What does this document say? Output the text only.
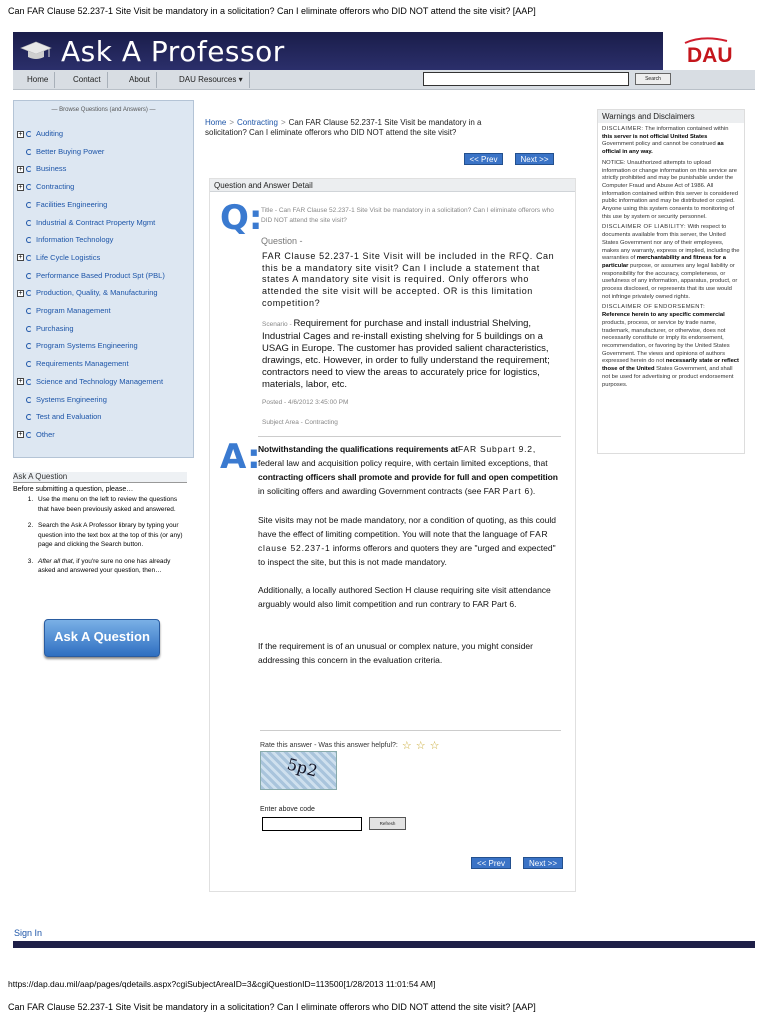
Can FAR Clause 52.237-1 Site Visit be mandatory in a solicitation? Can I eliminate offerors who DID NOT attend the site visit? [AAP]
Ask A Professor	DAU
Home	Contact	About	DAU Resources ▾	Search
— Browse Questions (and Answers) —
+ Auditing
Better Buying Power
+ Business
+ Contracting
Facilities Engineering
Industrial & Contract Property Mgmt
Information Technology
+ Life Cycle Logistics
Performance Based Product Spt (PBL)
+ Production, Quality, & Manufacturing
Program Management
Purchasing
Program Systems Engineering
Requirements Management
+ Science and Technology Management
Systems Engineering
Test and Evaluation
+ Other
Ask A Question
Before submitting a question, please…
1. Use the menu on the left to review the questions that have been previously asked and answered.
2. Search the Ask A Professor library by typing your question into the text box at the top of this (or any) page and clicking the Search button.
3. After all that, if you're sure no one has already asked and answered your question, then…
Ask A Question
Home > Contracting > Can FAR Clause 52.237-1 Site Visit be mandatory in a solicitation? Can I eliminate offerors who DID NOT attend the site visit?
<< Prev	Next >>
Question and Answer Detail
Q:
Title - Can FAR Clause 52.237-1 Site Visit be mandatory in a solicitation? Can I eliminate offerors who DID NOT attend the site visit?
Question -
FAR Clause 52.237-1 Site Visit will be included in the RFQ. Can this be a mandatory site visit? Can I include a statement that states A mandatory site visit is required. Only offerors who attended the site visit will be accepted. OR is this limitation competition?
Scenario - Requirement for purchase and install industrial Shelving, Industrial Cages and re-install existing shelving for 5 buildings on a USAG in Europe. The customer has provided salient characteristics, drawings, etc. However, in order to fully understand the requirement; contractors need to view the areas to accurately price for logistics, materials, labor, etc.
Posted - 4/6/2012 3:45:00 PM
Subject Area - Contracting
A:
Notwithstanding the qualifications requirements atFAR Subpart 9.2, federal law and acquisition policy require, with certain limited exceptions, that contracting officers shall promote and provide for full and open competition in soliciting offers and awarding Government contracts (see FAR Part 6).
Site visits may not be made mandatory, nor a condition of quoting, as this could have the effect of limiting competition. You will note that the language of FAR clause 52.237-1 informs offerors and quoters they are "urged and expected" to inspect the site, but this is not made mandatory.
Additionally, a locally authored Section H clause requiring site visit attendance arguably would also limit competition and run contrary to FAR Part 6.
If the requirement is of an unusual or complex nature, you might consider addressing this concern in the evaluation criteria.
Rate this answer - Was this answer helpful?: ☆ ☆ ☆
5p2
Enter above code
Refresh
<< Prev	Next >>
Warnings and Disclaimers
DISCLAIMER: The information contained within this server is not official United States Government policy and cannot be construed as official in any way.
NOTICE: Unauthorized attempts to upload information or change information on this service are strictly prohibited and may be punishable under the Computer Fraud and Abuse Act of 1986. All information contained within this server is considered public information and may be distributed or copied. Anyone using this system consents to monitoring of this use by system or security personnel.
DISCLAIMER OF LIABILITY: With respect to documents available from this server, the United States Government nor any of their employees, makes any warranty, express or implied, including the warranties of merchantability and fitness for a particular purpose, or assumes any legal liability or responsibility for the accuracy, completeness, or usefulness of any information, apparatus, product, or process disclosed, or represents that its use would not infringe privately owned rights.
DISCLAIMER OF ENDORSEMENT:
Reference herein to any specific commercial products, process, or service by trade name, trademark, manufacturer, or otherwise, does not necessarily constitute or imply its endorsement, recommendation, or favoring by the United States Government. The views and opinions of authors expressed herein do not necessarily state or reflect those of the United States Government, and shall not be used for advertising or product endorsement purposes.
Sign In
https://dap.dau.mil/aap/pages/qdetails.aspx?cgiSubjectAreaID=3&cgiQuestionID=113500[1/28/2013 11:01:54 AM]
Can FAR Clause 52.237-1 Site Visit be mandatory in a solicitation? Can I eliminate offerors who DID NOT attend the site visit? [AAP]
